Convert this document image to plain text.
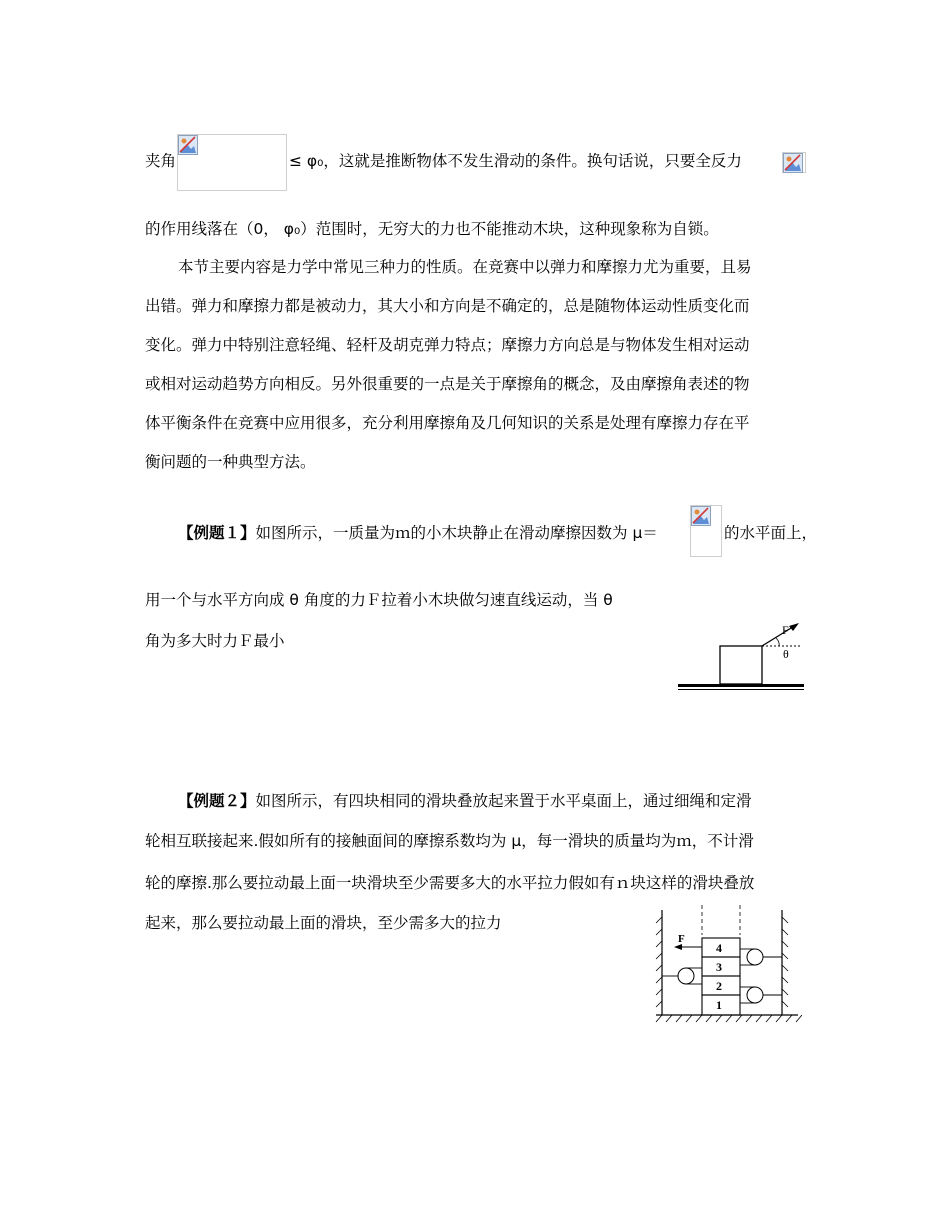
夹角	≤ φ₀，这就是推断物体不发生滑动的条件。换句话说，只要全反力
的作用线落在（0， φ₀）范围时，无穷大的力也不能推动木块，这种现象称为自锁。
本节主要内容是力学中常见三种力的性质。在竞赛中以弹力和摩擦力尤为重要，且易
出错。弹力和摩擦力都是被动力，其大小和方向是不确定的，总是随物体运动性质变化而
变化。弹力中特别注意轻绳、轻杆及胡克弹力特点；摩擦力方向总是与物体发生相对运动
或相对运动趋势方向相反。另外很重要的一点是关于摩擦角的概念，及由摩擦角表述的物
体平衡条件在竞赛中应用很多，充分利用摩擦角及几何知识的关系是处理有摩擦力存在平
衡问题的一种典型方法。
【例题１】如图所示，一质量为ｍ的小木块静止在滑动摩擦因数为 μ＝	的水平面上，
用一个与水平方向成 θ 角度的力Ｆ拉着小木块做匀速直线运动，当 θ
角为多大时力Ｆ最小
F
θ
【例题２】如图所示，有四块相同的滑块叠放起来置于水平桌面上，通过细绳和定滑
轮相互联接起来.假如所有的接触面间的摩擦系数均为 μ，每一滑块的质量均为ｍ，不计滑
轮的摩擦.那么要拉动最上面一块滑块至少需要多大的水平拉力假如有ｎ块这样的滑块叠放
起来，那么要拉动最上面的滑块，至少需多大的拉力
4
3
2
1
F
